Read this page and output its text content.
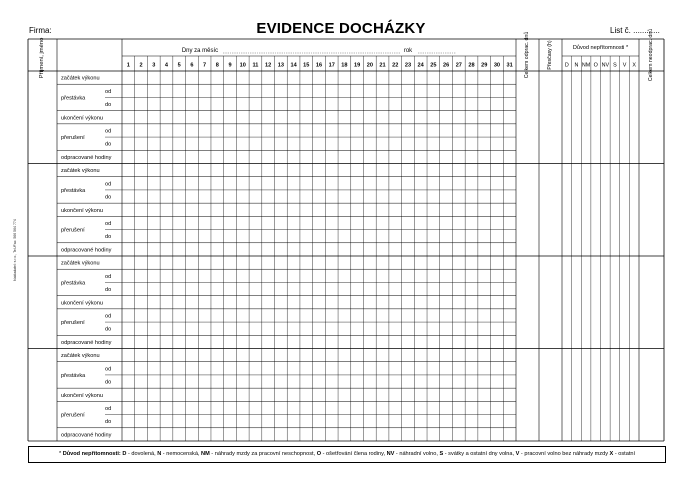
Firma:	EVIDENCE DOCHÁZKY	List č. ............
1 2 3 4 5 6 7 8 9 10 11 12 13 14 15 16 17 18 19 20 21 22 23 24 25 26 27 28 29 30 31
Dny za měsíc	rok
D N NM O NV S V X
Důvod nepřítomnosti *
Příjmení, jméno	Celkem odprac. dnů	Přesčasy (h)	Celkem neodprac. dnů
začátek výkonu
přestávka
od
do
ukončení výkonu
přerušení
od
do
odpracované hodiny
začátek výkonu
přestávka
od
do
ukončení výkonu
přerušení
od
do
odpracované hodiny
začátek výkonu
přestávka
od
do
ukončení výkonu
přerušení
od
do
odpracované hodiny
začátek výkonu
přestávka
od
do
ukončení výkonu
přerušení
od
do
odpracované hodiny
Nakladatel: s.r.o., Tel./Fax: 566 564 774
* Důvod nepřítomnosti: D - dovolená, N - nemocenská, NM - náhrady mzdy za pracovní neschopnost, O - ošetřování člena rodiny, NV - náhradní volno, S - svátky a ostatní dny volna, V - pracovní volno bez náhrady mzdy X - ostatní
